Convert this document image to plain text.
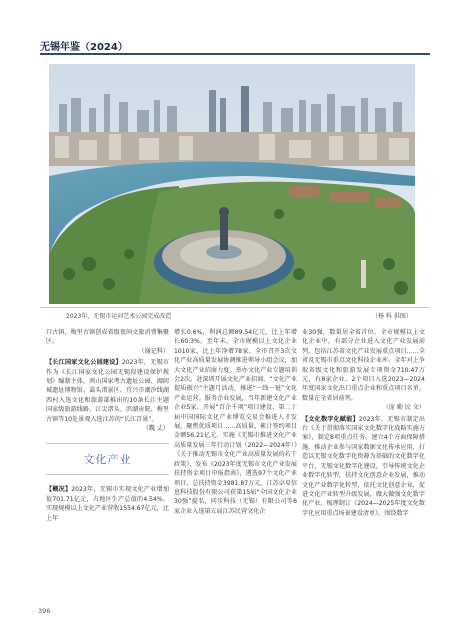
无锡年鉴（2024）
2023年，无锡市运河艺术公园完成改造	（杨 科 供图）

口古镇，梅里古镇创成省级夜间文旅消费集聚区。

（谢记科）

【长江国家文化公园建设】2023年，无锡市作为《长江国家文化公园无锡段建设保护规划》编制主体，鸿山国家考古遗址公园、阖闾城遗址博物馆、霭头渚景区、宜兴市潮汐线湖西村入选文化和旅游部推出的10条长江主题国家级旅游线路。江尖渚头、滨湖贡院、梅里古镇等10处景观入选江苏的“长江百景”。

（魏 丈）
文化产业

【概况】2023年，无锡市实现文化产业增加值701.71亿元，占地区生产总值的4.54%。实现规模以上文化产业营收1554.67亿元，比上年

增长0.6%，利润总额89.54亿元，比上年增长60.3%。至年末，全市规模以上文化企业1010家，比上年净增78家。全市召开3次文化产业高质量发展协调推进领导小组会议，加大文化产业招商力度。举办文化产业专题培训会2次，赴深圳开展文化产业招商。“文化产业提质振兴”主题月活动，推进“一线一链”文化产业运营。服务企业发展，当年新建文化产业企业5家。开展“百企千项”项目建设，第二十届中国国际文化产业博览交易会推进人才发展，聚焦优质项目……高质量，累计签约项目金额56.21亿元。实施《无锡市推进文化产业高质量发展三年行动计划（2022—2024年）》《关于推动无锡市文化产业高质量发展的若干政策》，发布《2023年度无锡市文化产业发展扶持资金项目申报指南》，遴选97个文化产业项目，总扶持资金3981.87万元。江苏卓易信息科技股份有限公司获第15届“全国文化企业30强”提名，同步科技（无锡）有限公司等6家企业入选第五届江苏民营文化企

业30强，数量居全省首位。全市规模以上文化企业中，有部分企业进入文化产业发展前列，包括江苏省文化产业发展重点项目……全省及无锡市重点文化科技企业库。全年对上争取省级文化和旅游发展专项资金710.47万元，有8家企业、2个项目入选2023—2024年度国家文化出口重点企业和重点项目名单，数量在全省居前列。

（庞 勤 民 文）

【文化数字化赋能】2023年，无锡市制定出台《关于贯彻落实国家文化数字化战略实施方案》，制定8项重点任务，建立4个方面保障措施，推动企业参与国家数据文化传承应用，打造以无锡文化数字化资源为基础的文化数字化平台，无锡文化数字化建设，引导传统文化企业数字化转型，扶持文化创意企业发展，推动文化产业数字化转型，依托文化创意企业，促进文化产业转型升级发展，做大做强文化数字化产业。梳理制订《2024—2025年度文化数字化应用重点场景建设清单》，围绕数字

396
